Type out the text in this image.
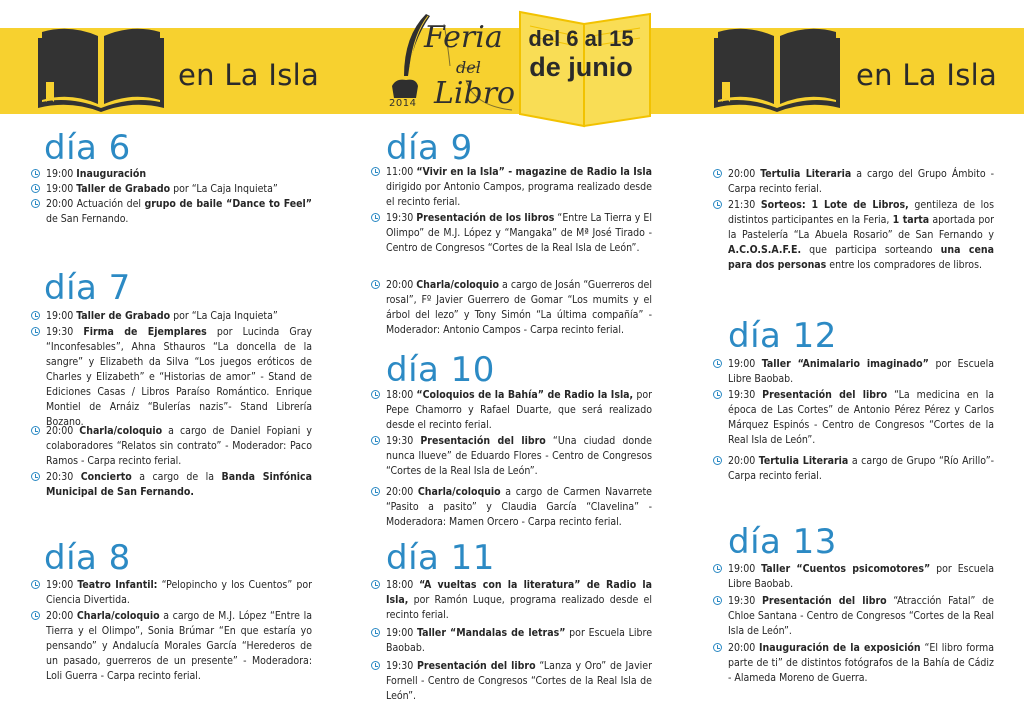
en La Isla
Feria
del
Libro
2014
del 6 al 15
de junio	en La Isla
día 6
19:00 Inauguración
19:00 Taller de Grabado por “La Caja Inquieta”
20:00 Actuación del grupo de baile “Dance to Feel” de San Fernando.
día 7
19:00 Taller de Grabado por “La Caja Inquieta”
19:30 Firma de Ejemplares por Lucinda Gray “Inconfesables”, Ahna Sthauros “La doncella de la sangre” y Elizabeth da Silva “Los juegos eróticos de Charles y Elizabeth” e “Historias de amor” - Stand de Ediciones Casas / Libros Paraíso Romántico. Enrique Montiel de Arnáiz “Bulerías nazis”- Stand Librería Bozano.
20:00 Charla/coloquio a cargo de Daniel Fopiani y colaboradores “Relatos sin contrato” - Moderador: Paco Ramos - Carpa recinto ferial.
20:30 Concierto a cargo de la Banda Sinfónica Municipal de San Fernando.
día 8
19:00 Teatro Infantil: “Pelopincho y los Cuentos” por Ciencia Divertida.
20:00 Charla/coloquio a cargo de M.J. López “Entre la Tierra y el Olimpo”, Sonia Brúmar “En que estaría yo pensando” y Andalucía Morales García “Herederos de un pasado, guerreros de un presente” - Moderadora: Loli Guerra - Carpa recinto ferial.
día 9
11:00 “Vivir en la Isla” - magazine de Radio la Isla dirigido por Antonio Campos, programa realizado desde el recinto ferial.
19:30 Presentación de los libros “Entre La Tierra y El Olimpo” de M.J. López y “Mangaka” de Mª José Tirado - Centro de Congresos “Cortes de la Real Isla de León”.
20:00 Charla/coloquio a cargo de Josán “Guerreros del rosal”, Fº Javier Guerrero de Gomar “Los mumits y el árbol del lezo” y Tony Simón “La última compañía” - Moderador: Antonio Campos - Carpa recinto ferial.
día 10
18:00 “Coloquios de la Bahía” de Radio la Isla, por Pepe Chamorro y Rafael Duarte, que será realizado desde el recinto ferial.
19:30 Presentación del libro “Una ciudad donde nunca llueve” de Eduardo Flores - Centro de Congresos “Cortes de la Real Isla de León”.
20:00 Charla/coloquio a cargo de Carmen Navarrete “Pasito a pasito” y Claudia García “Clavelina” - Moderadora: Mamen Orcero - Carpa recinto ferial.
día 11
18:00 “A vueltas con la literatura” de Radio la Isla, por Ramón Luque, programa realizado desde el recinto ferial.
19:00 Taller “Mandalas de letras” por Escuela Libre Baobab.
19:30 Presentación del libro “Lanza y Oro” de Javier Fornell - Centro de Congresos “Cortes de la Real Isla de León”.
20:00 Tertulia Literaria a cargo del Grupo Ámbito - Carpa recinto ferial.
21:30 Sorteos: 1 Lote de Libros, gentileza de los distintos participantes en la Feria, 1 tarta aportada por la Pastelería “La Abuela Rosario” de San Fernando y A.C.O.S.A.F.E. que participa sorteando una cena para dos personas entre los compradores de libros.
día 12
19:00 Taller “Animalario imaginado” por Escuela Libre Baobab.
19:30 Presentación del libro “La medicina en la época de Las Cortes” de Antonio Pérez Pérez y Carlos Márquez Espinós - Centro de Congresos “Cortes de la Real Isla de León”.
20:00 Tertulia Literaria a cargo de Grupo “Río Arillo”- Carpa recinto ferial.
día 13
19:00 Taller “Cuentos psicomotores” por Escuela Libre Baobab.
19:30 Presentación del libro “Atracción Fatal” de Chloe Santana - Centro de Congresos “Cortes de la Real Isla de León”.
20:00 Inauguración de la exposición “El libro forma parte de ti” de distintos fotógrafos de la Bahía de Cádiz - Alameda Moreno de Guerra.
